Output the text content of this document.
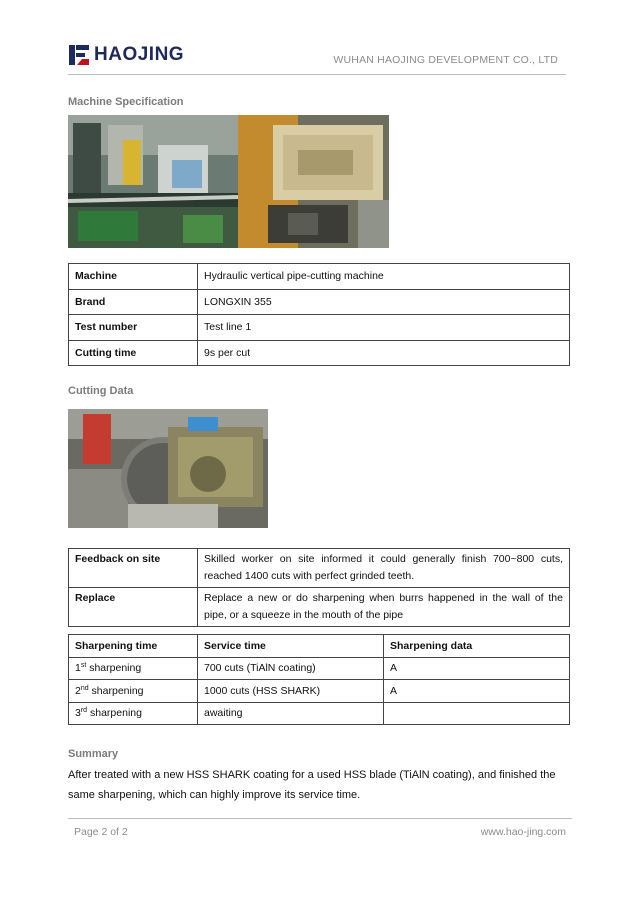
HAOJING	WUHAN HAOJING DEVELOPMENT CO., LTD
Machine Specification
Machine	Hydraulic vertical pipe-cutting machine
Brand	LONGXIN 355
Test number	Test line 1
Cutting time	9s per cut
Cutting Data
Feedback on site	Skilled worker on site informed it could generally finish 700~800 cuts, reached 1400 cuts with perfect grinded teeth.
Replace	Replace a new or do sharpening when burrs happened in the wall of the pipe, or a squeeze in the mouth of the pipe
Sharpening time	Service time	Sharpening data
1st sharpening	700 cuts (TiAlN coating)	A
2nd sharpening	1000 cuts (HSS SHARK)	A
3rd sharpening	awaiting	
Summary
After treated with a new HSS SHARK coating for a used HSS blade (TiAlN coating), and finished the same sharpening, which can highly improve its service time.
Page 2 of 2	www.hao-jing.com
